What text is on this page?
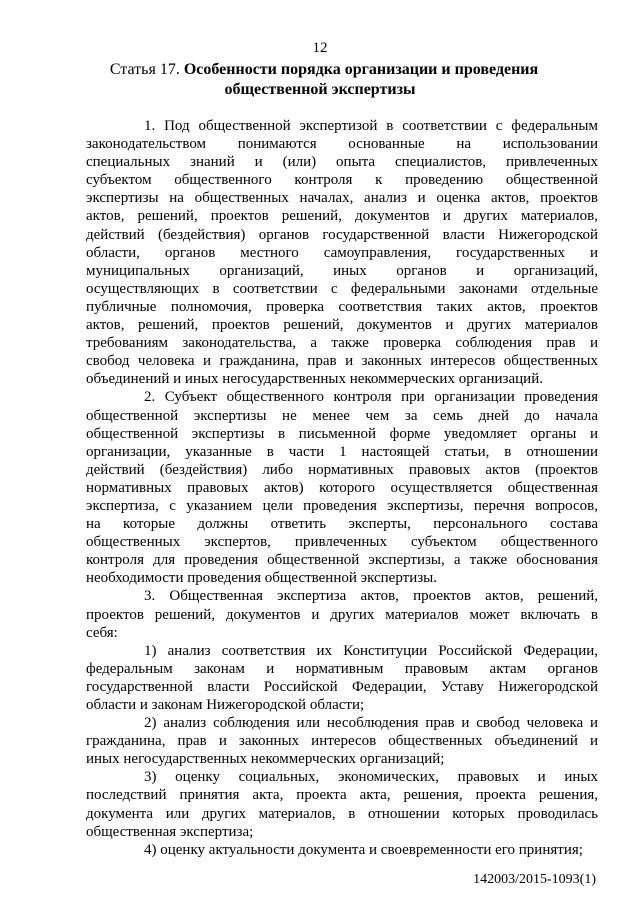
12
Статья 17. Особенности порядка организации и проведения
общественной экспертизы
1. Под общественной экспертизой в соответствии с федеральным
законодательством понимаются основанные на использовании
специальных знаний и (или) опыта специалистов, привлеченных
субъектом общественного контроля к проведению общественной
экспертизы на общественных началах, анализ и оценка актов, проектов
актов, решений, проектов решений, документов и других материалов,
действий (бездействия) органов государственной власти Нижегородской
области, органов местного самоуправления, государственных и
муниципальных организаций, иных органов и организаций,
осуществляющих в соответствии с федеральными законами отдельные
публичные полномочия, проверка соответствия таких актов, проектов
актов, решений, проектов решений, документов и других материалов
требованиям законодательства, а также проверка соблюдения прав и
свобод человека и гражданина, прав и законных интересов общественных
объединений и иных негосударственных некоммерческих организаций.
2. Субъект общественного контроля при организации проведения
общественной экспертизы не менее чем за семь дней до начала
общественной экспертизы в письменной форме уведомляет органы и
организации, указанные в части 1 настоящей статьи, в отношении
действий (бездействия) либо нормативных правовых актов (проектов
нормативных правовых актов) которого осуществляется общественная
экспертиза, с указанием цели проведения экспертизы, перечня вопросов,
на которые должны ответить эксперты, персонального состава
общественных экспертов, привлеченных субъектом общественного
контроля для проведения общественной экспертизы, а также обоснования
необходимости проведения общественной экспертизы.
3. Общественная экспертиза актов, проектов актов, решений,
проектов решений, документов и других материалов может включать в
себя:
1) анализ соответствия их Конституции Российской Федерации,
федеральным законам и нормативным правовым актам органов
государственной власти Российской Федерации, Уставу Нижегородской
области и законам Нижегородской области;
2) анализ соблюдения или несоблюдения прав и свобод человека и
гражданина, прав и законных интересов общественных объединений и
иных негосударственных некоммерческих организаций;
3) оценку социальных, экономических, правовых и иных
последствий принятия акта, проекта акта, решения, проекта решения,
документа или других материалов, в отношении которых проводилась
общественная экспертиза;
4) оценку актуальности документа и своевременности его принятия;
142003/2015-1093(1)
